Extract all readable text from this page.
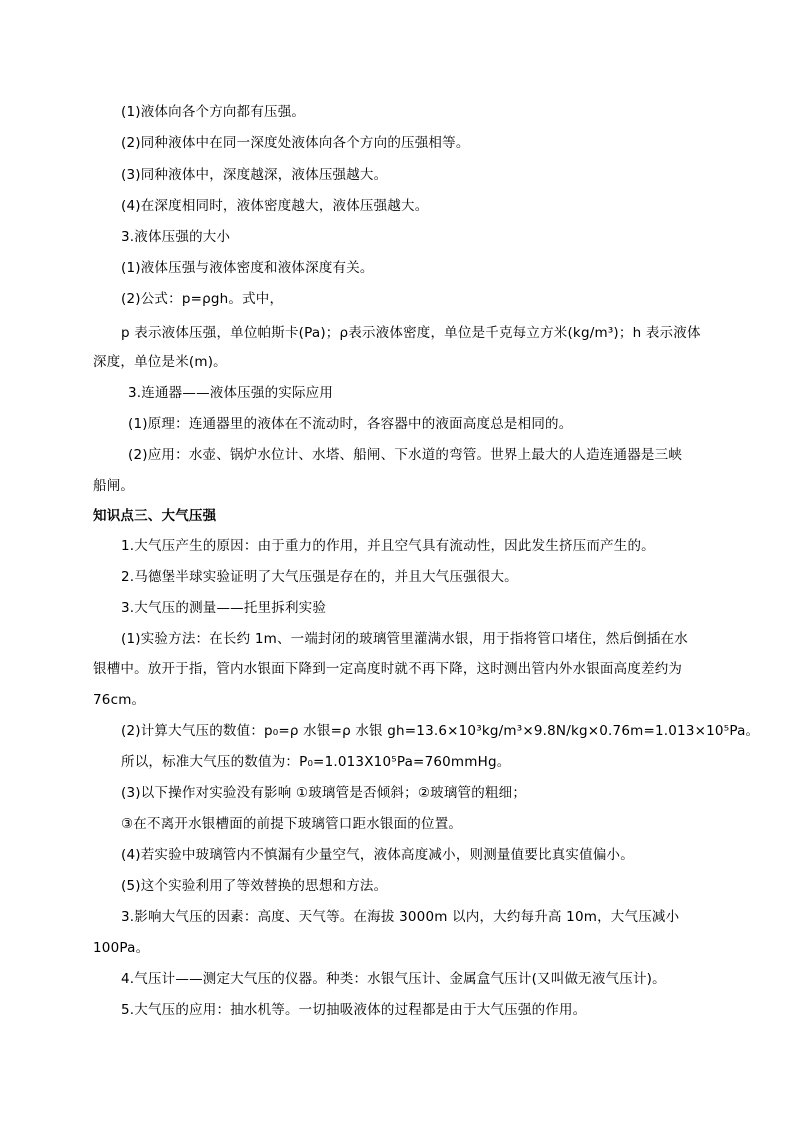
(1)液体向各个方向都有压强。
(2)同种液体中在同一深度处液体向各个方向的压强相等。
(3)同种液体中，深度越深，液体压强越大。
(4)在深度相同时，液体密度越大，液体压强越大。
3.液体压强的大小
(1)液体压强与液体密度和液体深度有关。
(2)公式：p=ρgh。式中，
p 表示液体压强，单位帕斯卡(Pa)；ρ表示液体密度，单位是千克每立方米(kg/m³)；h 表示液体
深度，单位是米(m)。
3.连通器——液体压强的实际应用
(1)原理：连通器里的液体在不流动时，各容器中的液面高度总是相同的。
(2)应用：水壶、锅炉水位计、水塔、船闸、下水道的弯管。世界上最大的人造连通器是三峡
船闸。
知识点三、大气压强
1.大气压产生的原因：由于重力的作用，并且空气具有流动性，因此发生挤压而产生的。
2.马德堡半球实验证明了大气压强是存在的，并且大气压强很大。
3.大气压的测量——托里拆利实验
(1)实验方法：在长约 1m、一端封闭的玻璃管里灌满水银，用于指将管口堵住，然后倒插在水
银槽中。放开于指，管内水银面下降到一定高度时就不再下降，这时测出管内外水银面高度差约为
76cm。
(2)计算大气压的数值：p₀=ρ 水银=ρ 水银 gh=13.6×10³kg/m³×9.8N/kg×0.76m=1.013×10⁵Pa。
所以，标准大气压的数值为：P₀=1.013X10⁵Pa=760mmHg。
(3)以下操作对实验没有影响 ①玻璃管是否倾斜；②玻璃管的粗细；
③在不离开水银槽面的前提下玻璃管口距水银面的位置。
(4)若实验中玻璃管内不慎漏有少量空气，液体高度减小，则测量值要比真实值偏小。
(5)这个实验利用了等效替换的思想和方法。
3.影响大气压的因素：高度、天气等。在海拔 3000m 以内，大约每升高 10m，大气压减小
100Pa。
4.气压计——测定大气压的仪器。种类：水银气压计、金属盒气压计(又叫做无液气压计)。
5.大气压的应用：抽水机等。一切抽吸液体的过程都是由于大气压强的作用。
